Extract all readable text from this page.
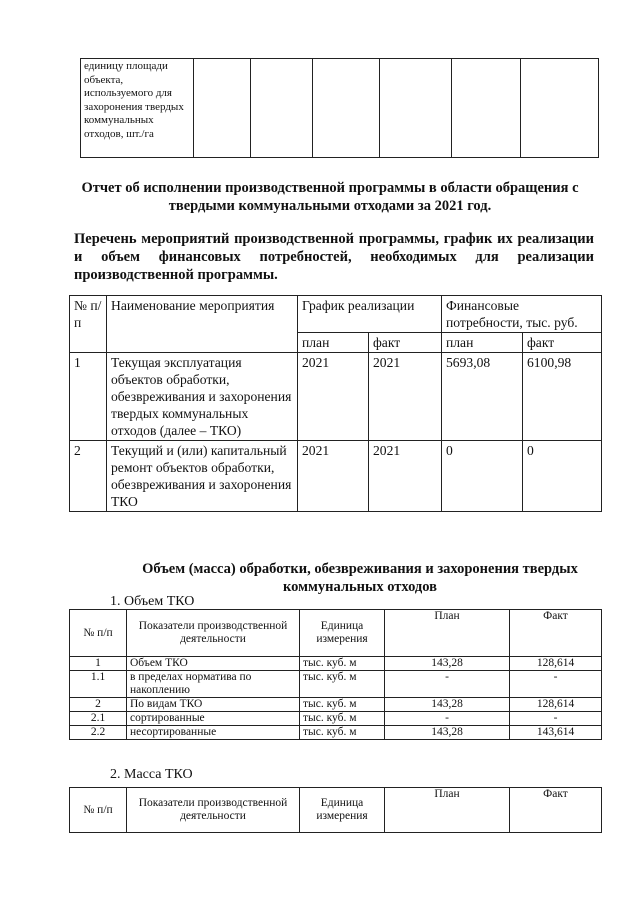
единицу площади объекта, используемого для захоронения твердых коммунальных отходов, шт./га						

Отчет об исполнении производственной программы в области обращения с твердыми коммунальными отходами за 2021 год.

Перечень мероприятий производственной программы, график их реализации и объем финансовых потребностей, необходимых для реализации производственной программы.

№ п/п	Наименование мероприятия	График реализации		Финансовые потребности, тыс. руб.	
		план	факт	план	факт
1	Текущая эксплуатация объектов обработки, обезвреживания и захоронения твердых коммунальных отходов (далее – ТКО)	2021	2021	5693,08	6100,98
2	Текущий и (или) капитальный ремонт объектов обработки, обезвреживания и захоронения ТКО	2021	2021	0	0

Объем (масса) обработки, обезвреживания и захоронения твердых коммунальных отходов

1. Объем ТКО
№ п/п	Показатели производственной деятельности	Единица измерения	План	Факт
1	Объем ТКО	тыс. куб. м	143,28	128,614
1.1	в пределах норматива по накоплению	тыс. куб. м	-	-
2	По видам ТКО	тыс. куб. м	143,28	128,614
2.1	сортированные	тыс. куб. м	-	-
2.2	несортированные	тыс. куб. м	143,28	143,614
2. Масса ТКО
№ п/п	Показатели производственной деятельности	Единица измерения	План	Факт
